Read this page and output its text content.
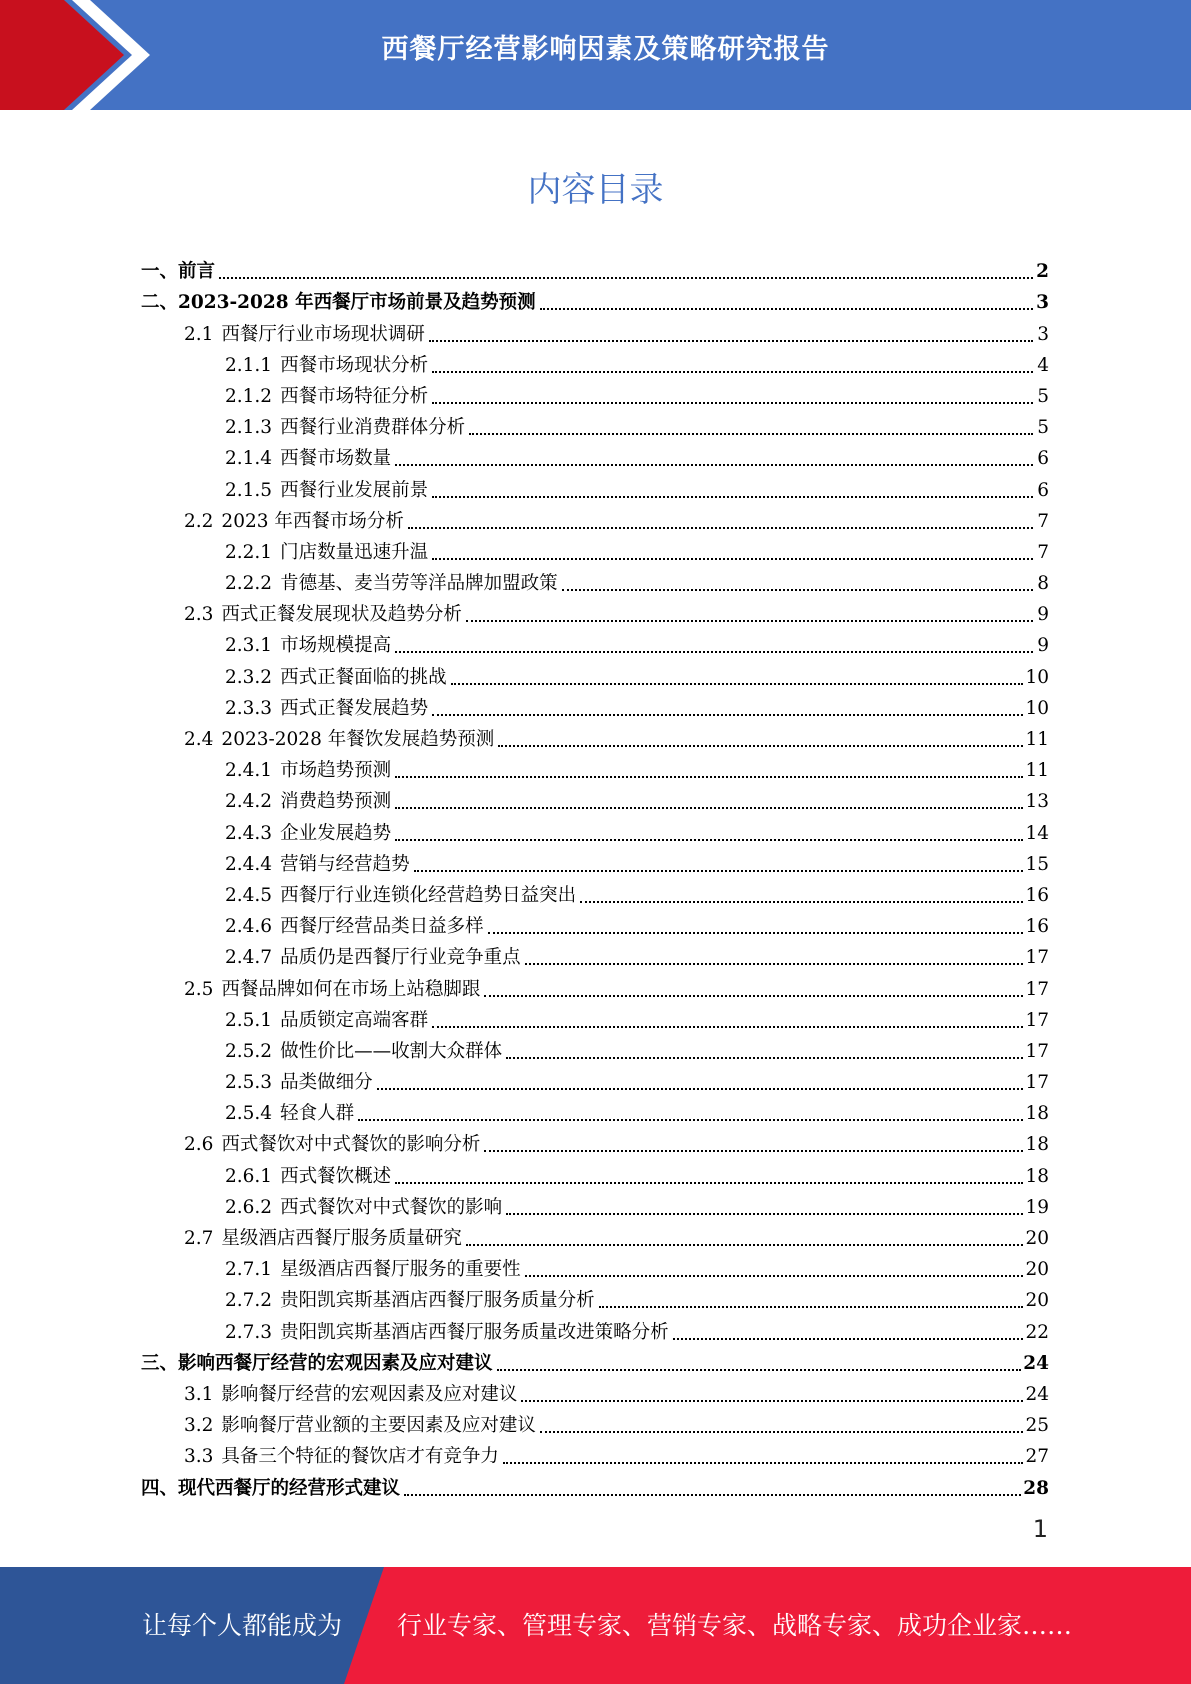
西餐厅经营影响因素及策略研究报告
内容目录
一、 前言	2
二、 2023-2028 年西餐厅市场前景及趋势预测	3
2.1 西餐厅行业市场现状调研	3
2.1.1 西餐市场现状分析	4
2.1.2 西餐市场特征分析	5
2.1.3 西餐行业消费群体分析	5
2.1.4 西餐市场数量	6
2.1.5 西餐行业发展前景	6
2.2 2023 年西餐市场分析	7
2.2.1 门店数量迅速升温	7
2.2.2 肯德基、麦当劳等洋品牌加盟政策	8
2.3 西式正餐发展现状及趋势分析	9
2.3.1 市场规模提高	9
2.3.2 西式正餐面临的挑战	10
2.3.3 西式正餐发展趋势	10
2.4 2023-2028 年餐饮发展趋势预测	11
2.4.1 市场趋势预测	11
2.4.2 消费趋势预测	13
2.4.3 企业发展趋势	14
2.4.4 营销与经营趋势	15
2.4.5 西餐厅行业连锁化经营趋势日益突出	16
2.4.6 西餐厅经营品类日益多样	16
2.4.7 品质仍是西餐厅行业竞争重点	17
2.5 西餐品牌如何在市场上站稳脚跟	17
2.5.1 品质锁定高端客群	17
2.5.2 做性价比——收割大众群体	17
2.5.3 品类做细分	17
2.5.4 轻食人群	18
2.6 西式餐饮对中式餐饮的影响分析	18
2.6.1 西式餐饮概述	18
2.6.2 西式餐饮对中式餐饮的影响	19
2.7 星级酒店西餐厅服务质量研究	20
2.7.1 星级酒店西餐厅服务的重要性	20
2.7.2 贵阳凯宾斯基酒店西餐厅服务质量分析	20
2.7.3 贵阳凯宾斯基酒店西餐厅服务质量改进策略分析	22
三、 影响西餐厅经营的宏观因素及应对建议	24
3.1 影响餐厅经营的宏观因素及应对建议	24
3.2 影响餐厅营业额的主要因素及应对建议	25
3.3 具备三个特征的餐饮店才有竞争力	27
四、 现代西餐厅的经营形式建议	28
1
让每个人都能成为	行业专家、管理专家、营销专家、战略专家、成功企业家……
